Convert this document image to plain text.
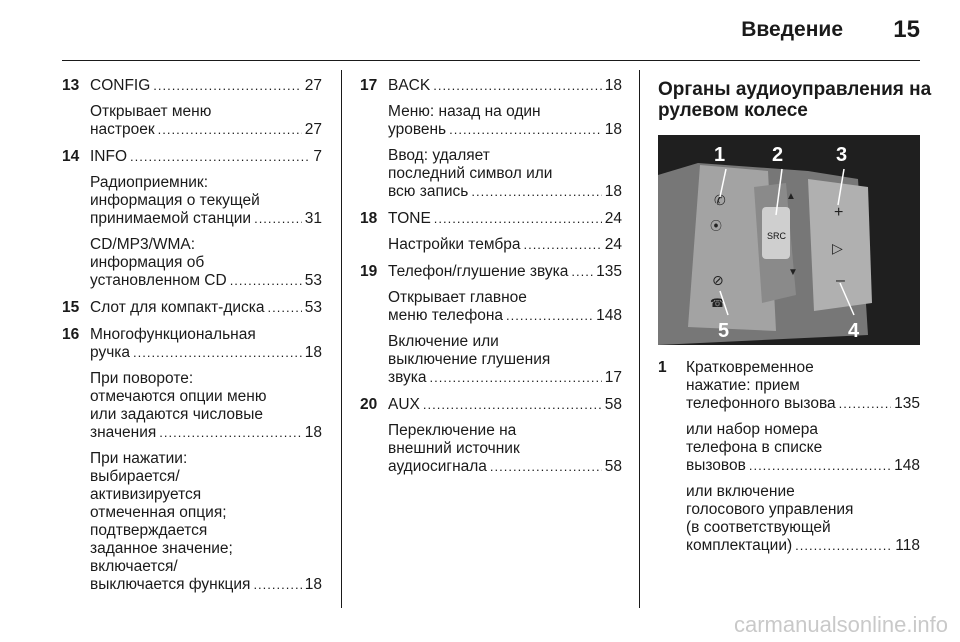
Введение 15
13 CONFIG .....	27
Открывает меню
настроек .....	27
14 INFO .....	7
Радиоприемник:
информация о текущей
принимаемой станции .....	31
CD/MP3/WMA:
информация об
установленном CD .....	53
15 Слот для компакт-диска .....	53
16 Многофункциональная
ручка .....	18
При повороте:
отмечаются опции меню
или задаются числовые
значения .....	18
При нажатии:
выбирается/
активизируется
отмеченная опция;
подтверждается
заданное значение;
включается/
выключается функция .....	18
17 BACK .....	18
Меню: назад на один
уровень .....	18
Ввод: удаляет
последний символ или
всю запись .....	18
18 TONE .....	24
Настройки тембра .....	24
19 Телефон/глушение звука ..... 135
Открывает главное
меню телефона .....	148
Включение или
выключение глушения
звука .....	17
20 AUX .....	58
Переключение на
внешний источник
аудиосигнала .....	58
Органы аудиоуправления на
рулевом колесе
SRC
✆
⦿
⊘
☎
+
▷
–
▲
▼
1 2	3
4
5
1 Кратковременное
нажатие: прием
телефонного вызова .....	135
или набор номера
телефона в списке
вызовов .....	148
или включение
голосового управления
(в соответствующей
комплектации) .....	118
carmanualsonline.info
